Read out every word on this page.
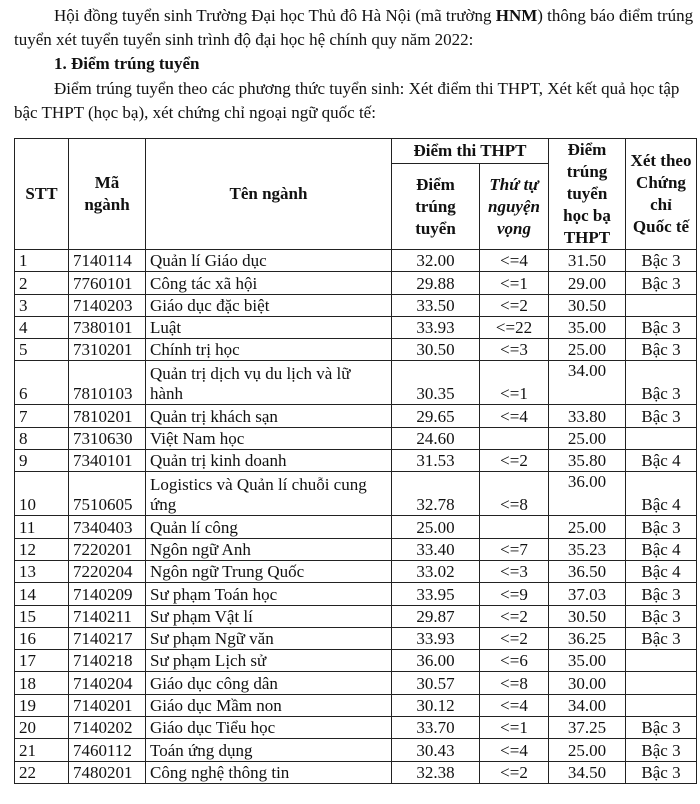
Hội đồng tuyển sinh Trường Đại học Thủ đô Hà Nội (mã trường HNM) thông báo điểm trúng tuyển xét tuyển tuyển sinh trình độ đại học hệ chính quy năm 2022:

1. Điểm trúng tuyển
Điểm trúng tuyển theo các phương thức tuyển sinh: Xét điểm thi THPT, Xét kết quả học tập bậc THPT (học bạ), xét chứng chỉ ngoại ngữ quốc tế:
STT	Mã ngành	Tên ngành	Điểm thi THPT		Điểm trúng tuyển học bạ THPT	Xét theo Chứng chỉ Quốc tế
			Điểm trúng tuyển	Thứ tự nguyện vọng		
1	7140114	Quản lí Giáo dục	32.00	<=4	31.50	Bậc 3
2	7760101	Công tác xã hội	29.88	<=1	29.00	Bậc 3
3	7140203	Giáo dục đặc biệt	33.50	<=2	30.50	
4	7380101	Luật	33.93	<=22	35.00	Bậc 3
5	7310201	Chính trị học	30.50	<=3	25.00	Bậc 3
6	7810103	Quản trị dịch vụ du lịch và lữ
hành	30.35	<=1	34.00	Bậc 3
7	7810201	Quản trị khách sạn	29.65	<=4	33.80	Bậc 3
8	7310630	Việt Nam học	24.60		25.00	
9	7340101	Quản trị kinh doanh	31.53	<=2	35.80	Bậc 4
10	7510605	Logistics và Quản lí chuỗi cung
ứng	32.78	<=8	36.00	Bậc 4
11	7340403	Quản lí công	25.00		25.00	Bậc 3
12	7220201	Ngôn ngữ Anh	33.40	<=7	35.23	Bậc 4
13	7220204	Ngôn ngữ Trung Quốc	33.02	<=3	36.50	Bậc 4
14	7140209	Sư phạm Toán học	33.95	<=9	37.03	Bậc 3
15	7140211	Sư phạm Vật lí	29.87	<=2	30.50	Bậc 3
16	7140217	Sư phạm Ngữ văn	33.93	<=2	36.25	Bậc 3
17	7140218	Sư phạm Lịch sử	36.00	<=6	35.00	
18	7140204	Giáo dục công dân	30.57	<=8	30.00	
19	7140201	Giáo dục Mầm non	30.12	<=4	34.00	
20	7140202	Giáo dục Tiểu học	33.70	<=1	37.25	Bậc 3
21	7460112	Toán ứng dụng	30.43	<=4	25.00	Bậc 3
22	7480201	Công nghệ thông tin	32.38	<=2	34.50	Bậc 3
